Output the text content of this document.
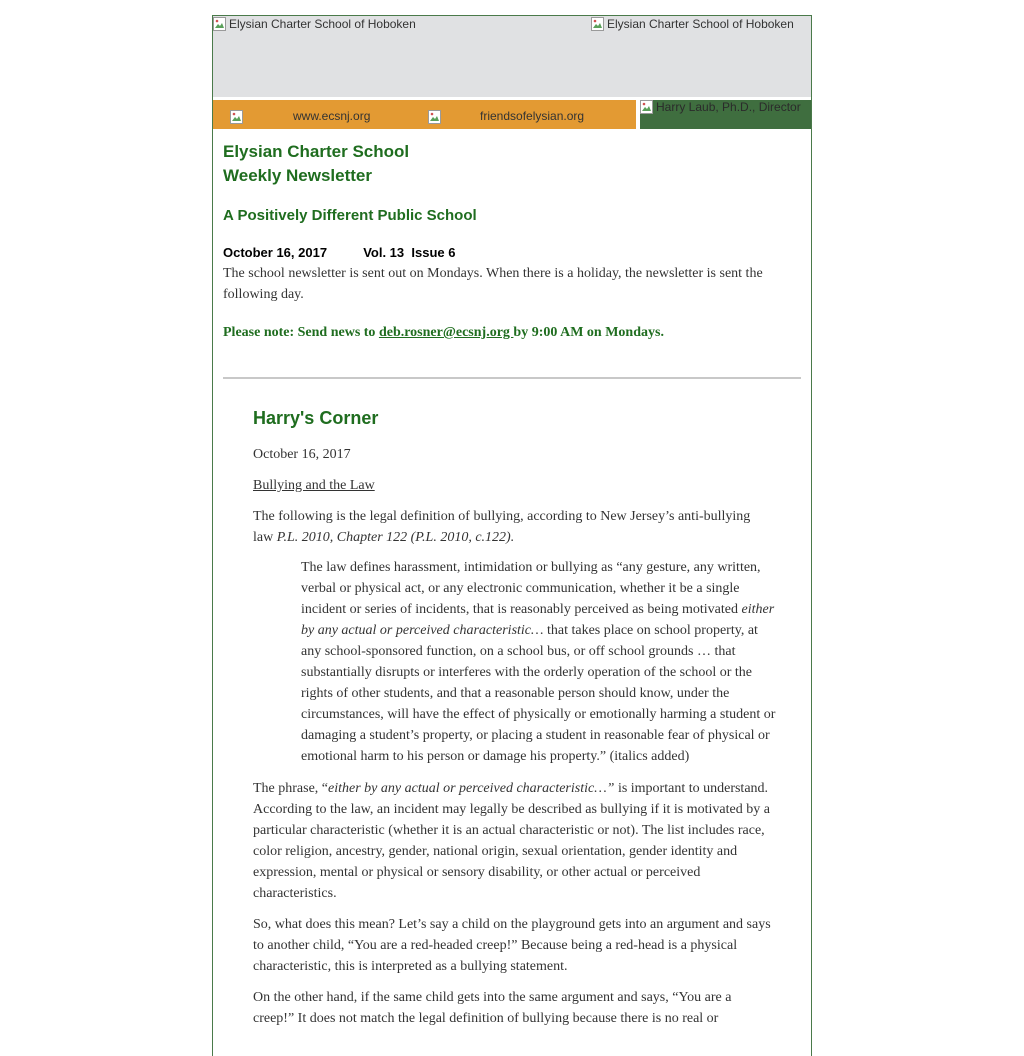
Elysian Charter School of Hoboken	Elysian Charter School of Hoboken
www.ecsnj.org	friendsofelysian.org
Harry Laub, Ph.D., Director
Elysian Charter School
Weekly Newsletter

A Positively Different Public School

October 16, 2017	Vol. 13 Issue 6

The school newsletter is sent out on Mondays. When there is a holiday, the newsletter is sent the following day.

Please note: Send news to deb.rosner@ecsnj.org by 9:00 AM on Mondays.

Harry's Corner

October 16, 2017

Bullying and the Law

The following is the legal definition of bullying, according to New Jersey’s anti-bullying law P.L. 2010, Chapter 122 (P.L. 2010, c.122).

The law defines harassment, intimidation or bullying as “any gesture, any written, verbal or physical act, or any electronic communication, whether it be a single incident or series of incidents, that is reasonably perceived as being motivated either by any actual or perceived characteristic… that takes place on school property, at any school-sponsored function, on a school bus, or off school grounds … that substantially disrupts or interferes with the orderly operation of the school or the rights of other students, and that a reasonable person should know, under the circumstances, will have the effect of physically or emotionally harming a student or damaging a student’s property, or placing a student in reasonable fear of physical or emotional harm to his person or damage his property.” (italics added)

The phrase, “either by any actual or perceived characteristic…” is important to understand. According to the law, an incident may legally be described as bullying if it is motivated by a particular characteristic (whether it is an actual characteristic or not). The list includes race, color religion, ancestry, gender, national origin, sexual orientation, gender identity and expression, mental or physical or sensory disability, or other actual or perceived characteristics.

So, what does this mean? Let’s say a child on the playground gets into an argument and says to another child, “You are a red-headed creep!” Because being a red-head is a physical characteristic, this is interpreted as a bullying statement.

On the other hand, if the same child gets into the same argument and says, “You are a creep!” It does not match the legal definition of bullying because there is no real or
